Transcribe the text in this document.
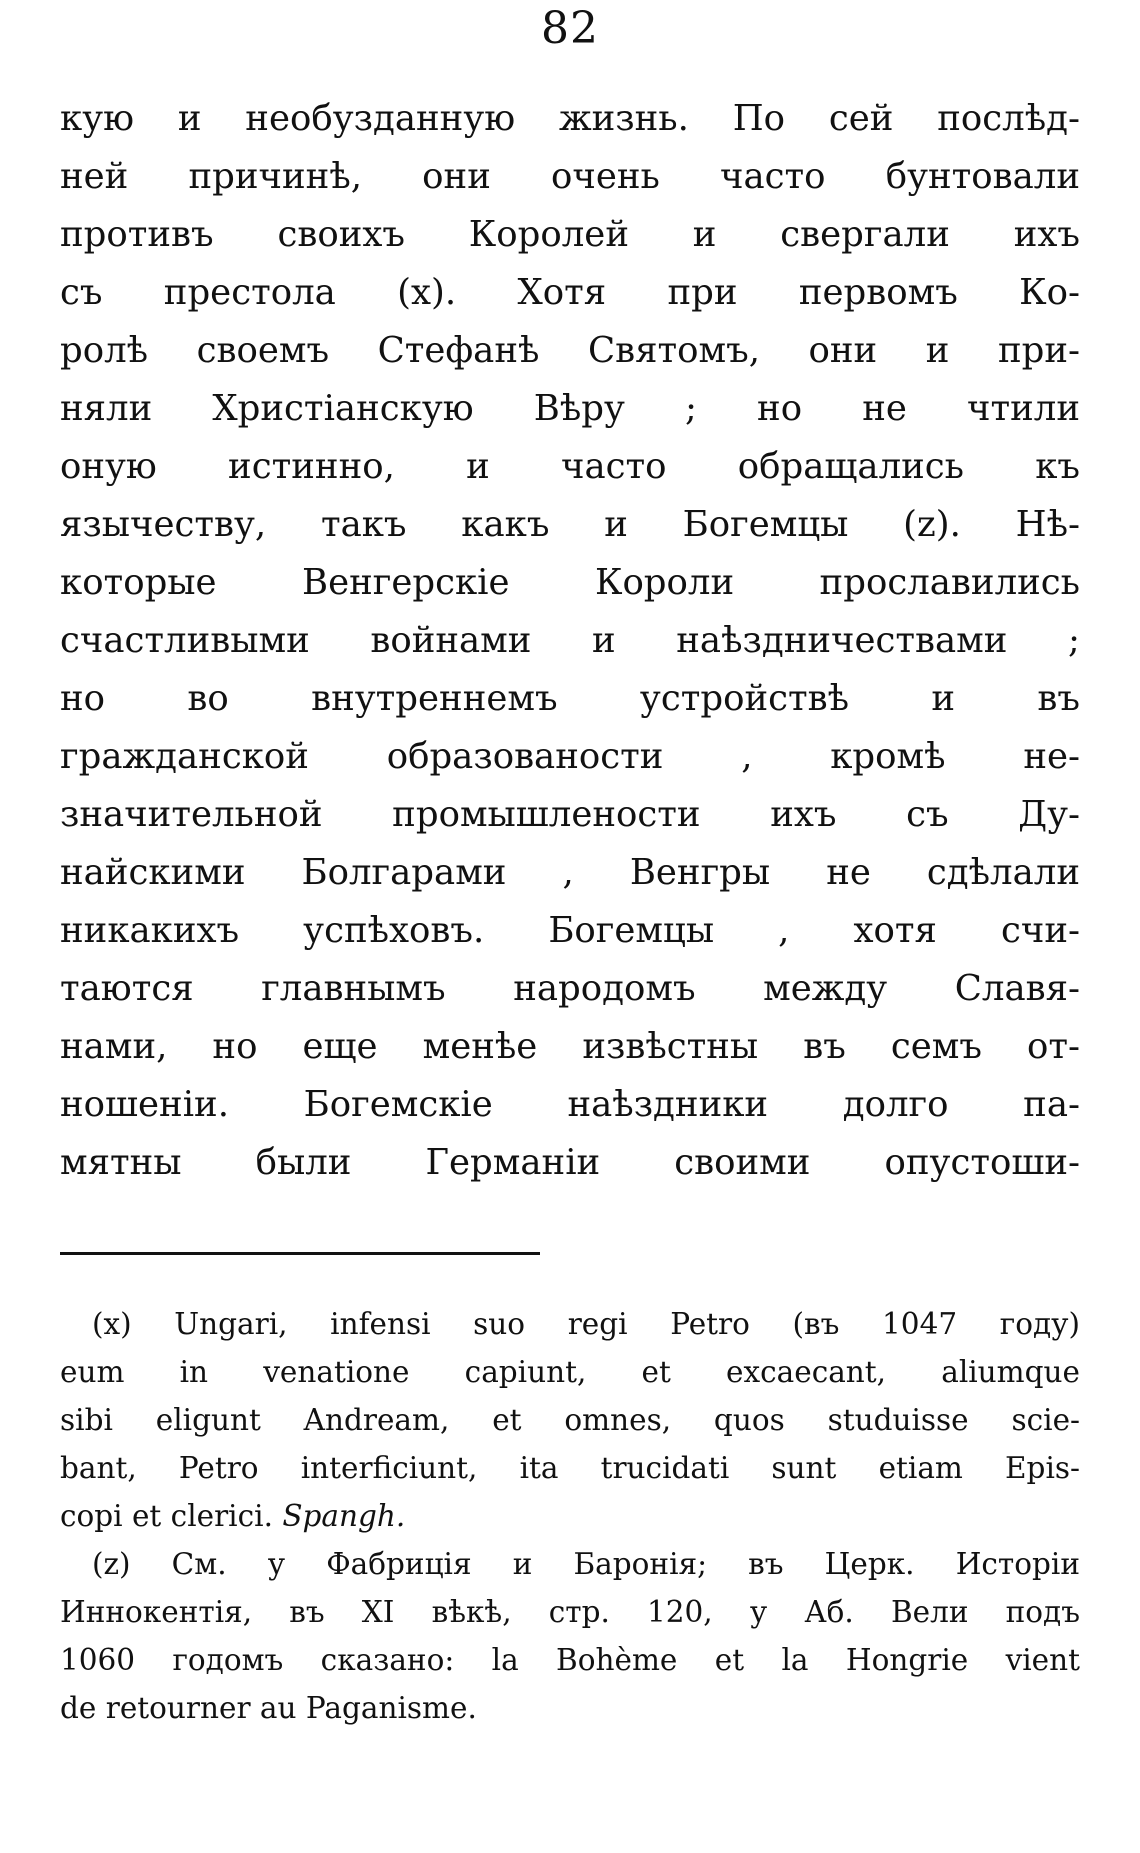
82
кую и необузданную жизнь. По сей послѣд-
ней причинѣ, они очень часто бунтовали
противъ своихъ Королей и свергали ихъ
съ престола (x). Хотя при первомъ Ко-
ролѣ своемъ Стефанѣ Святомъ, они и при-
няли Христіанскую Вѣру ; но не чтили
оную истинно, и часто обращались къ
язычеству, такъ какъ и Богемцы (z). Нѣ-
которые Венгерскіе Короли прославились
счастливыми войнами и наѣздничествами ;
но во внутреннемъ устройствѣ и въ
гражданской образованости , кромѣ не-
значительной промышлености ихъ съ Ду-
найскими Болгарами , Венгры не сдѣлали
никакихъ успѣховъ. Богемцы , хотя счи-
таются главнымъ народомъ между Славя-
нами, но еще менѣе извѣстны въ семъ от-
ношеніи. Богемскіе наѣздники долго па-
мятны были Германіи своими опустоши-
(x) Ungari, infensi suo regi Petro (въ 1047 году)
eum in venatione capiunt, et excaecant, aliumque
sibi eligunt Andream, et omnes, quos studuisse scie-
bant, Petro interficiunt, ita trucidati sunt etiam Epis-
copi et clerici. Spangh.
(z) См. у Фабриція и Баронія; въ Церк. Исторіи
Иннокентія, въ XI вѣкѣ, стр. 120, у Аб. Вели подъ
1060 годомъ сказано: la Bohème et la Hongrie vient
de retourner au Paganisme.
